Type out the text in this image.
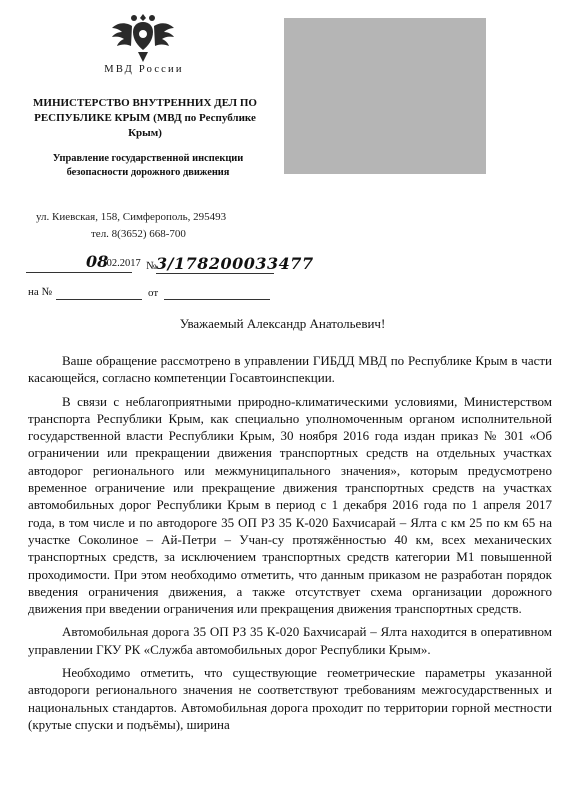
МВД России
МИНИСТЕРСТВО ВНУТРЕННИХ ДЕЛ ПО РЕСПУБЛИКЕ КРЫМ (МВД по Республике Крым)
Управление государственной инспекции безопасности дорожного движения
ул. Киевская, 158, Симферополь, 295493
тел. 8(3652) 668-700
08
.02.2017 № 3/178200033477
на №	от
Уважаемый Александр Анатольевич!

Ваше обращение рассмотрено в управлении ГИБДД МВД по Республике Крым в части касающейся, согласно компетенции Госавтоинспекции.

В связи с неблагоприятными природно-климатическими условиями, Министерством транспорта Республики Крым, как специально уполномоченным органом исполнительной государственной власти Республики Крым, 30 ноября 2016 года издан приказ № 301 «Об ограничении или прекращении движения транспортных средств на отдельных участках автодорог регионального или межмуниципального значения», которым предусмотрено временное ограничение или прекращение движения транспортных средств на участках автомобильных дорог Республики Крым в период с 1 декабря 2016 года по 1 апреля 2017 года, в том числе и по автодороге 35 ОП РЗ 35 К-020 Бахчисарай – Ялта с км 25 по км 65 на участке Соколиное – Ай-Петри – Учан-су протяжённостью 40 км, всех механических транспортных средств, за исключением транспортных средств категории M1 повышенной проходимости. При этом необходимо отметить, что данным приказом не разработан порядок введения ограничения движения, а также отсутствует схема организации дорожного движения при введении ограничения или прекращения движения транспортных средств.

Автомобильная дорога 35 ОП РЗ 35 К-020 Бахчисарай – Ялта находится в оперативном управлении ГКУ РК «Служба автомобильных дорог Республики Крым».

Необходимо отметить, что существующие геометрические параметры указанной автодороги регионального значения не соответствуют требованиям межгосударственных и национальных стандартов. Автомобильная дорога проходит по территории горной местности (крутые спуски и подъёмы), ширина
